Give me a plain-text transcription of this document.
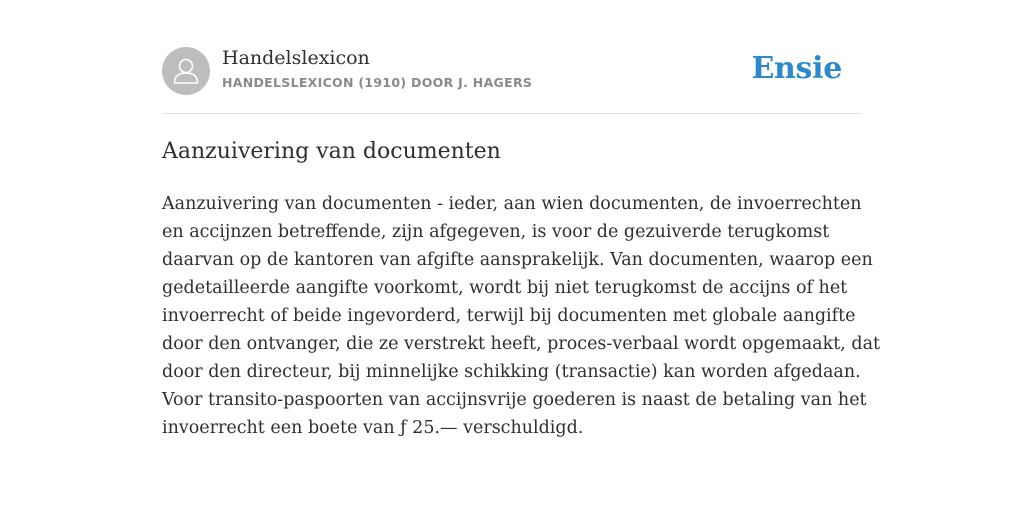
Handelslexicon
HANDELSLEXICON (1910) DOOR J. HAGERS	Ensie
Aanzuivering van documenten

Aanzuivering van documenten - ieder, aan wien documenten, de invoerrechten
en accijnzen betreffende, zijn afgegeven, is voor de gezuiverde terugkomst
daarvan op de kantoren van afgifte aansprakelijk. Van documenten, waarop een
gedetailleerde aangifte voorkomt, wordt bij niet terugkomst de accijns of het
invoerrecht of beide ingevorderd, terwijl bij documenten met globale aangifte
door den ontvanger, die ze verstrekt heeft, proces-verbaal wordt opgemaakt, dat
door den directeur, bij minnelijke schikking (transactie) kan worden afgedaan.
Voor transito-paspoorten van accijnsvrije goederen is naast de betaling van het
invoerrecht een boete van ƒ 25.— verschuldigd.
